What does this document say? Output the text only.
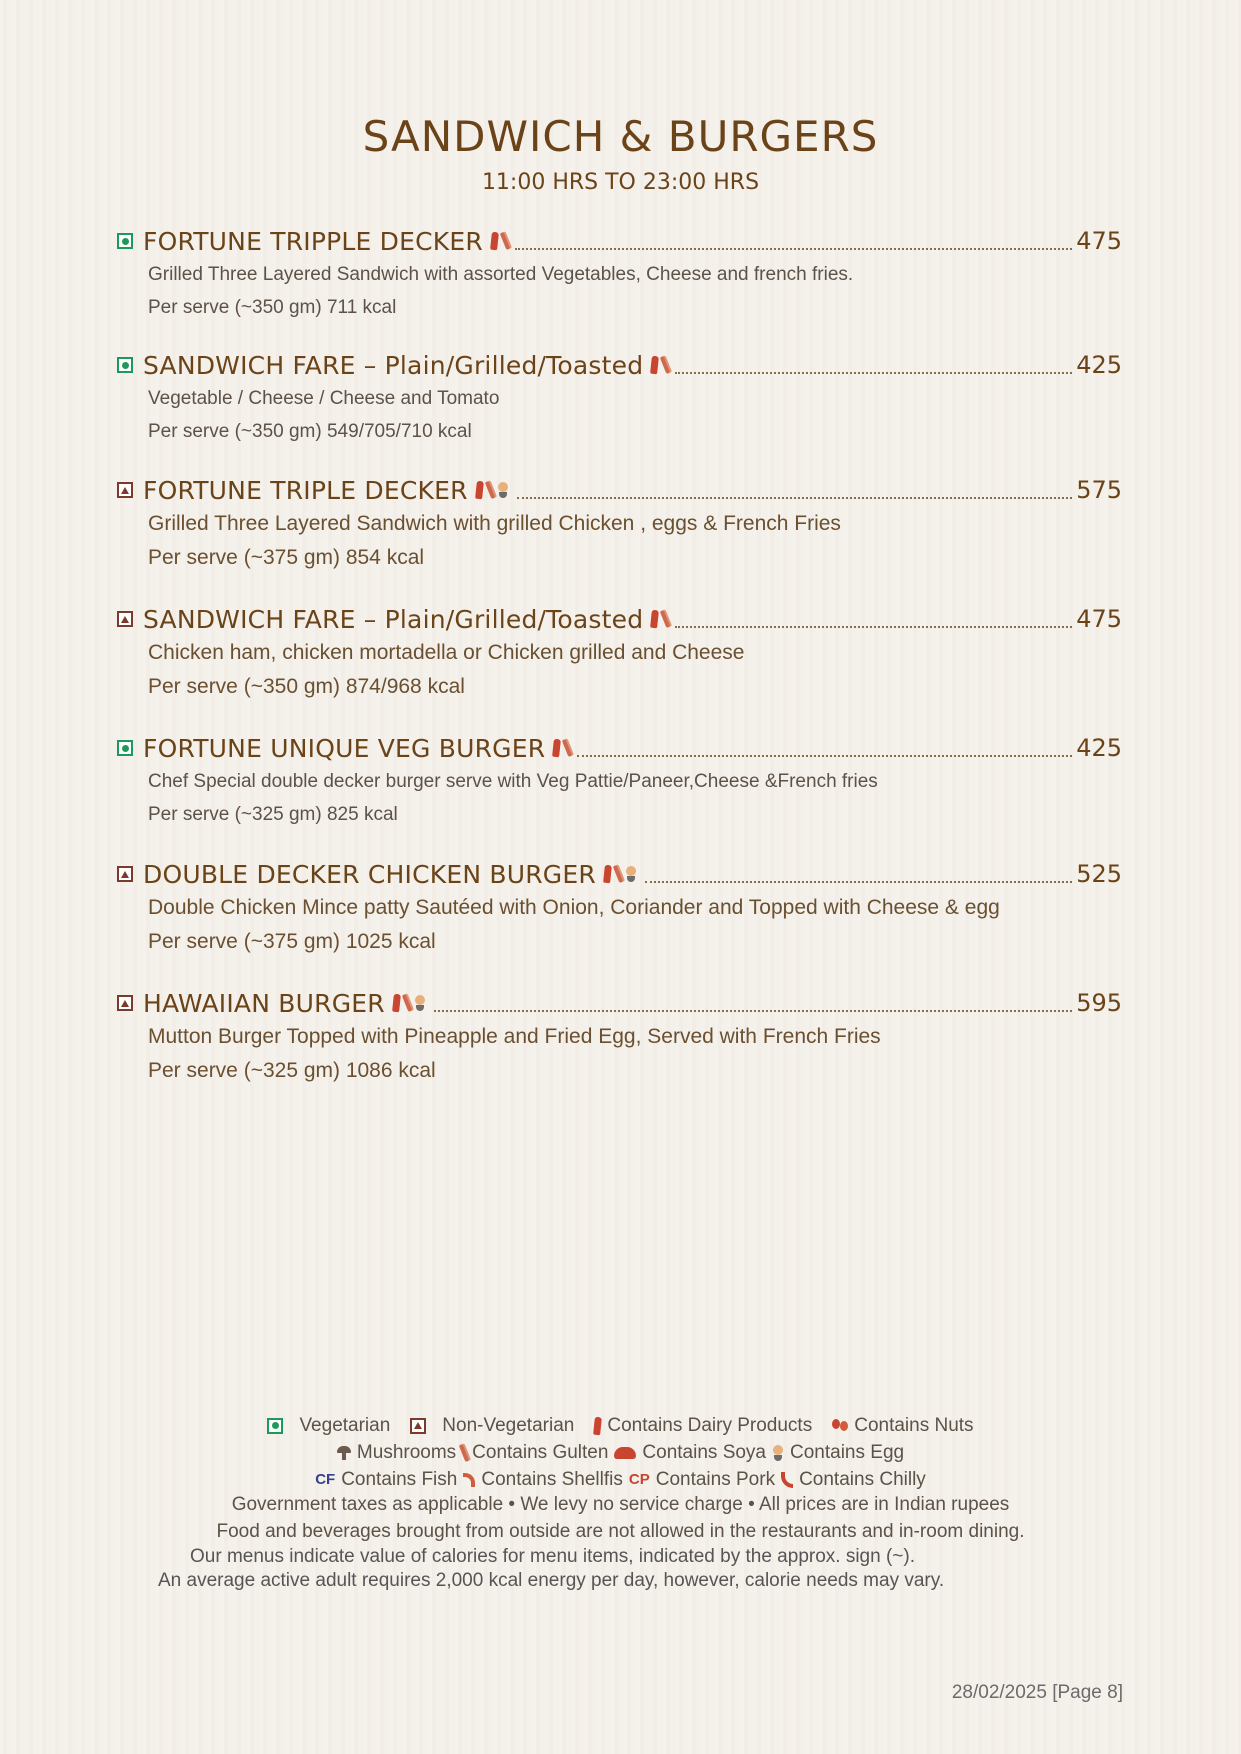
SANDWICH & BURGERS
11:00 HRS TO 23:00 HRS
FORTUNE TRIPPLE DECKER	475
Grilled Three Layered Sandwich with assorted Vegetables, Cheese and french fries.
Per serve (~350 gm) 711 kcal
SANDWICH FARE – Plain/Grilled/Toasted	425
Vegetable / Cheese / Cheese and Tomato
Per serve (~350 gm) 549/705/710 kcal
FORTUNE TRIPLE DECKER	575
Grilled Three Layered Sandwich with grilled Chicken , eggs & French Fries
Per serve (~375 gm) 854 kcal
SANDWICH FARE – Plain/Grilled/Toasted	475
Chicken ham, chicken mortadella or Chicken grilled and Cheese
Per serve (~350 gm) 874/968 kcal
FORTUNE UNIQUE VEG BURGER	425
Chef Special double decker burger serve with Veg Pattie/Paneer,Cheese &French fries
Per serve (~325 gm) 825 kcal
DOUBLE DECKER CHICKEN BURGER	525
Double Chicken Mince patty Sautéed with Onion, Coriander and Topped with Cheese & egg
Per serve (~375 gm) 1025 kcal
HAWAIIAN BURGER	595
Mutton Burger Topped with Pineapple and Fried Egg, Served with French Fries
Per serve (~325 gm) 1086 kcal
Vegetarian	Non-Vegetarian Contains Dairy Products Contains Nuts
Mushrooms Contains Gulten Contains Soya Contains Egg
CF Contains Fish Contains Shellfis CP Contains Pork Contains Chilly
Government taxes as applicable • We levy no service charge • All prices are in Indian rupees
Food and beverages brought from outside are not allowed in the restaurants and in-room dining.
Our menus indicate value of calories for menu items, indicated by the approx. sign (~).
An average active adult requires 2,000 kcal energy per day, however, calorie needs may vary.
28/02/2025 [Page 8]
